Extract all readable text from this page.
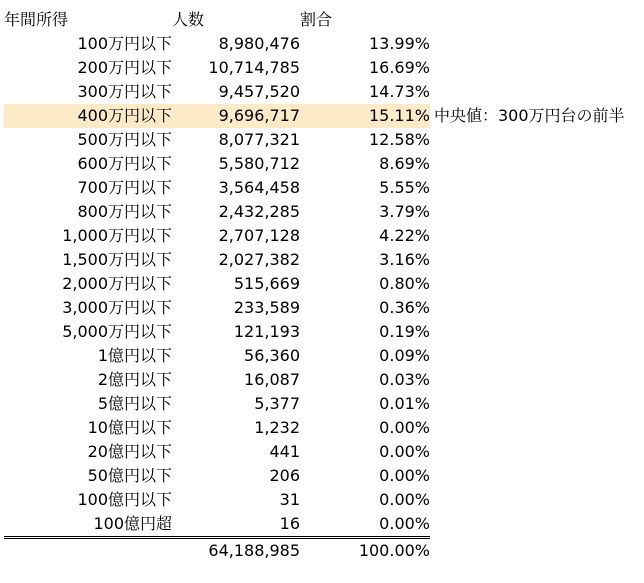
年間所得	人数	割合
100万円以下	8,980,476	13.99%
200万円以下	10,714,785	16.69%
300万円以下	9,457,520	14.73%
400万円以下	9,696,717	15.11%
500万円以下	8,077,321	12.58%
600万円以下	5,580,712	8.69%
700万円以下	3,564,458	5.55%
800万円以下	2,432,285	3.79%
1,000万円以下	2,707,128	4.22%
1,500万円以下	2,027,382	3.16%
2,000万円以下	515,669	0.80%
3,000万円以下	233,589	0.36%
5,000万円以下	121,193	0.19%
1億円以下	56,360	0.09%
2億円以下	16,087	0.03%
5億円以下	5,377	0.01%
10億円以下	1,232	0.00%
20億円以下	441	0.00%
50億円以下	206	0.00%
100億円以下	31	0.00%
100億円超	16	0.00%
	64,188,985	100.00%
中央値：300万円台の前半
